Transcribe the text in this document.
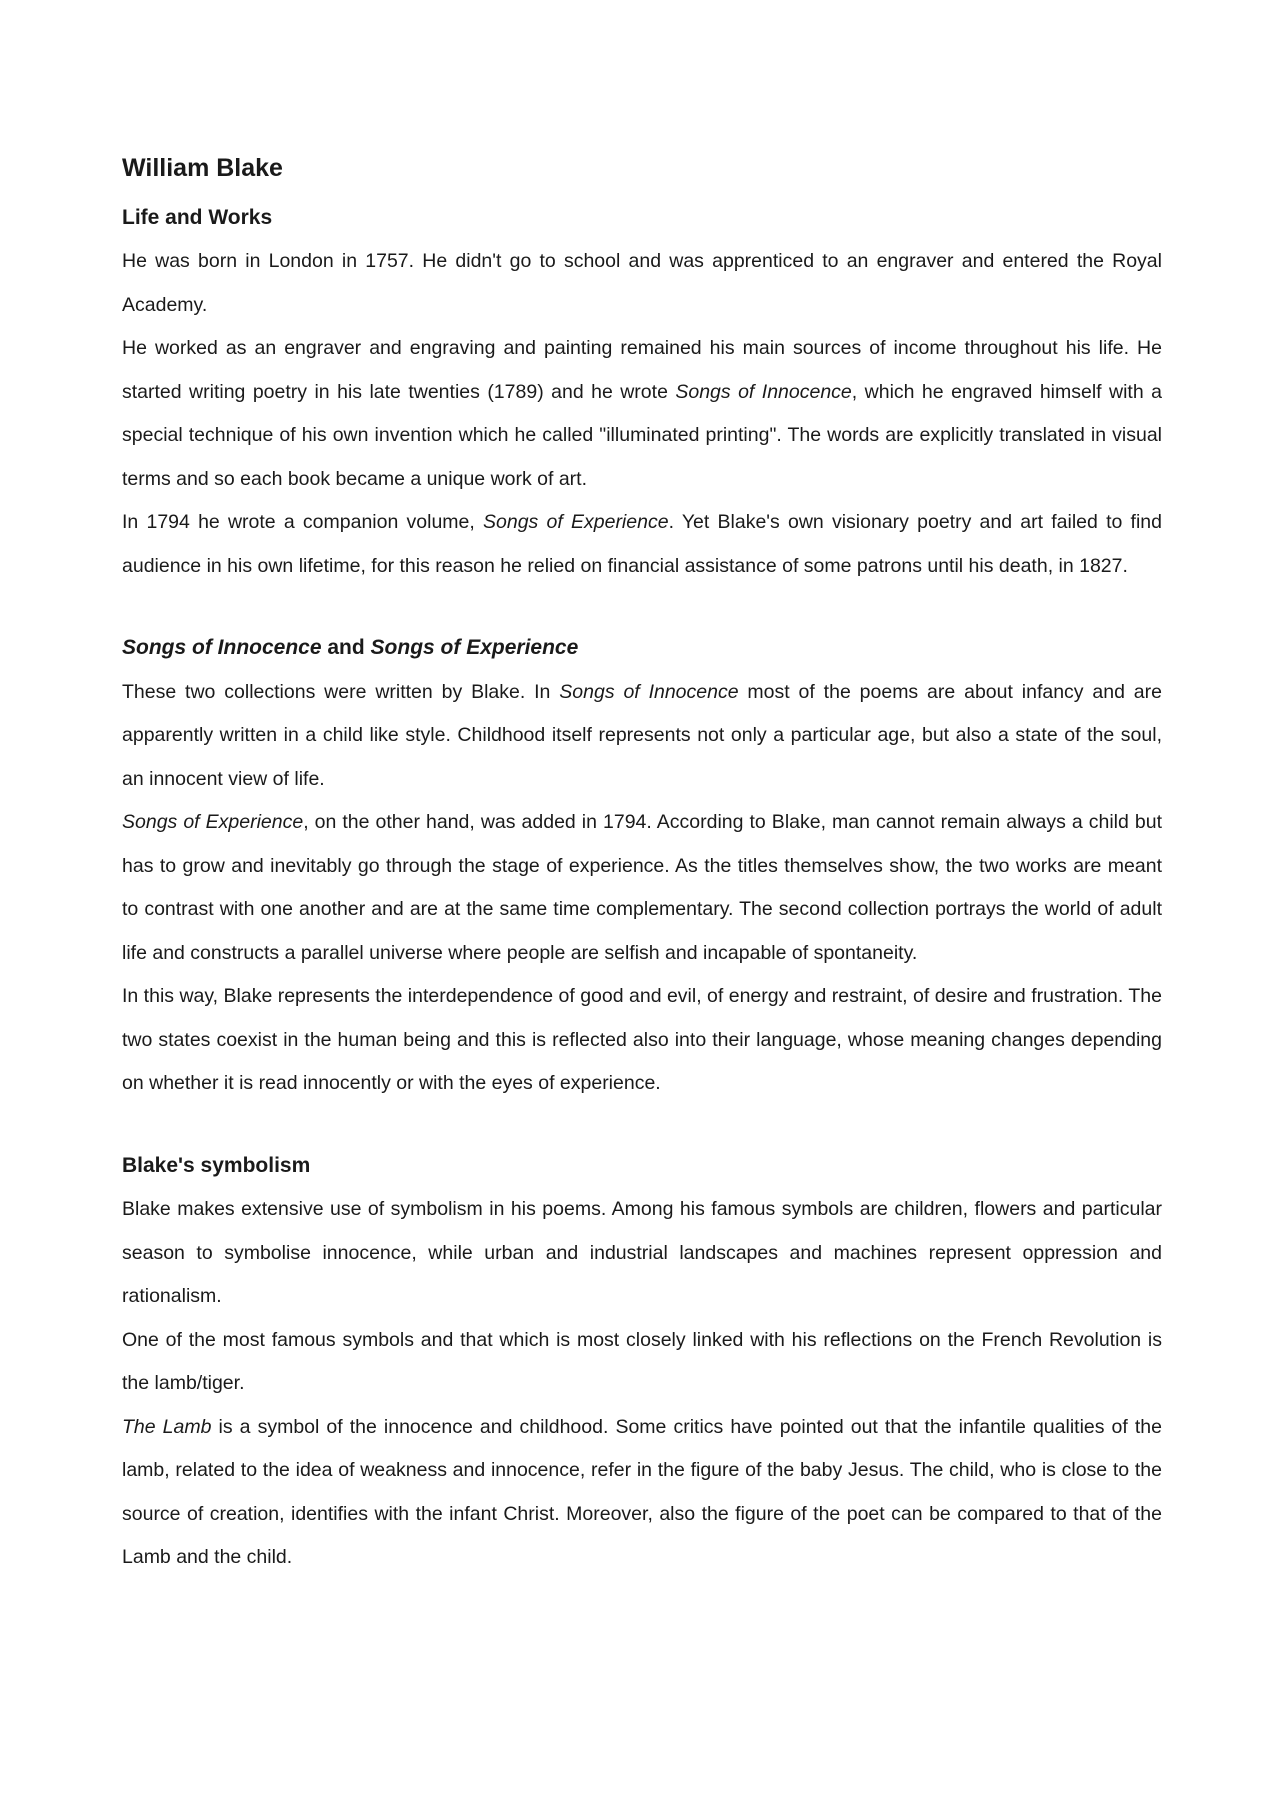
William Blake
Life and Works

He was born in London in 1757. He didn't go to school and was apprenticed to an engraver and entered the Royal Academy.

He worked as an engraver and engraving and painting remained his main sources of income throughout his life. He started writing poetry in his late twenties (1789) and he wrote Songs of Innocence, which he engraved himself with a special technique of his own invention which he called "illuminated printing". The words are explicitly translated in visual terms and so each book became a unique work of art.

In 1794 he wrote a companion volume, Songs of Experience. Yet Blake's own visionary poetry and art failed to find audience in his own lifetime, for this reason he relied on financial assistance of some patrons until his death, in 1827.

Songs of Innocence and Songs of Experience

These two collections were written by Blake. In Songs of Innocence most of the poems are about infancy and are apparently written in a child like style. Childhood itself represents not only a particular age, but also a state of the soul, an innocent view of life.

Songs of Experience, on the other hand, was added in 1794. According to Blake, man cannot remain always a child but has to grow and inevitably go through the stage of experience. As the titles themselves show, the two works are meant to contrast with one another and are at the same time complementary. The second collection portrays the world of adult life and constructs a parallel universe where people are selfish and incapable of spontaneity.

In this way, Blake represents the interdependence of good and evil, of energy and restraint, of desire and frustration. The two states coexist in the human being and this is reflected also into their language, whose meaning changes depending on whether it is read innocently or with the eyes of experience.

Blake's symbolism

Blake makes extensive use of symbolism in his poems. Among his famous symbols are children, flowers and particular season to symbolise innocence, while urban and industrial landscapes and machines represent oppression and rationalism.

One of the most famous symbols and that which is most closely linked with his reflections on the French Revolution is the lamb/tiger.

The Lamb is a symbol of the innocence and childhood. Some critics have pointed out that the infantile qualities of the lamb, related to the idea of weakness and innocence, refer in the figure of the baby Jesus. The child, who is close to the source of creation, identifies with the infant Christ. Moreover, also the figure of the poet can be compared to that of the Lamb and the child.
